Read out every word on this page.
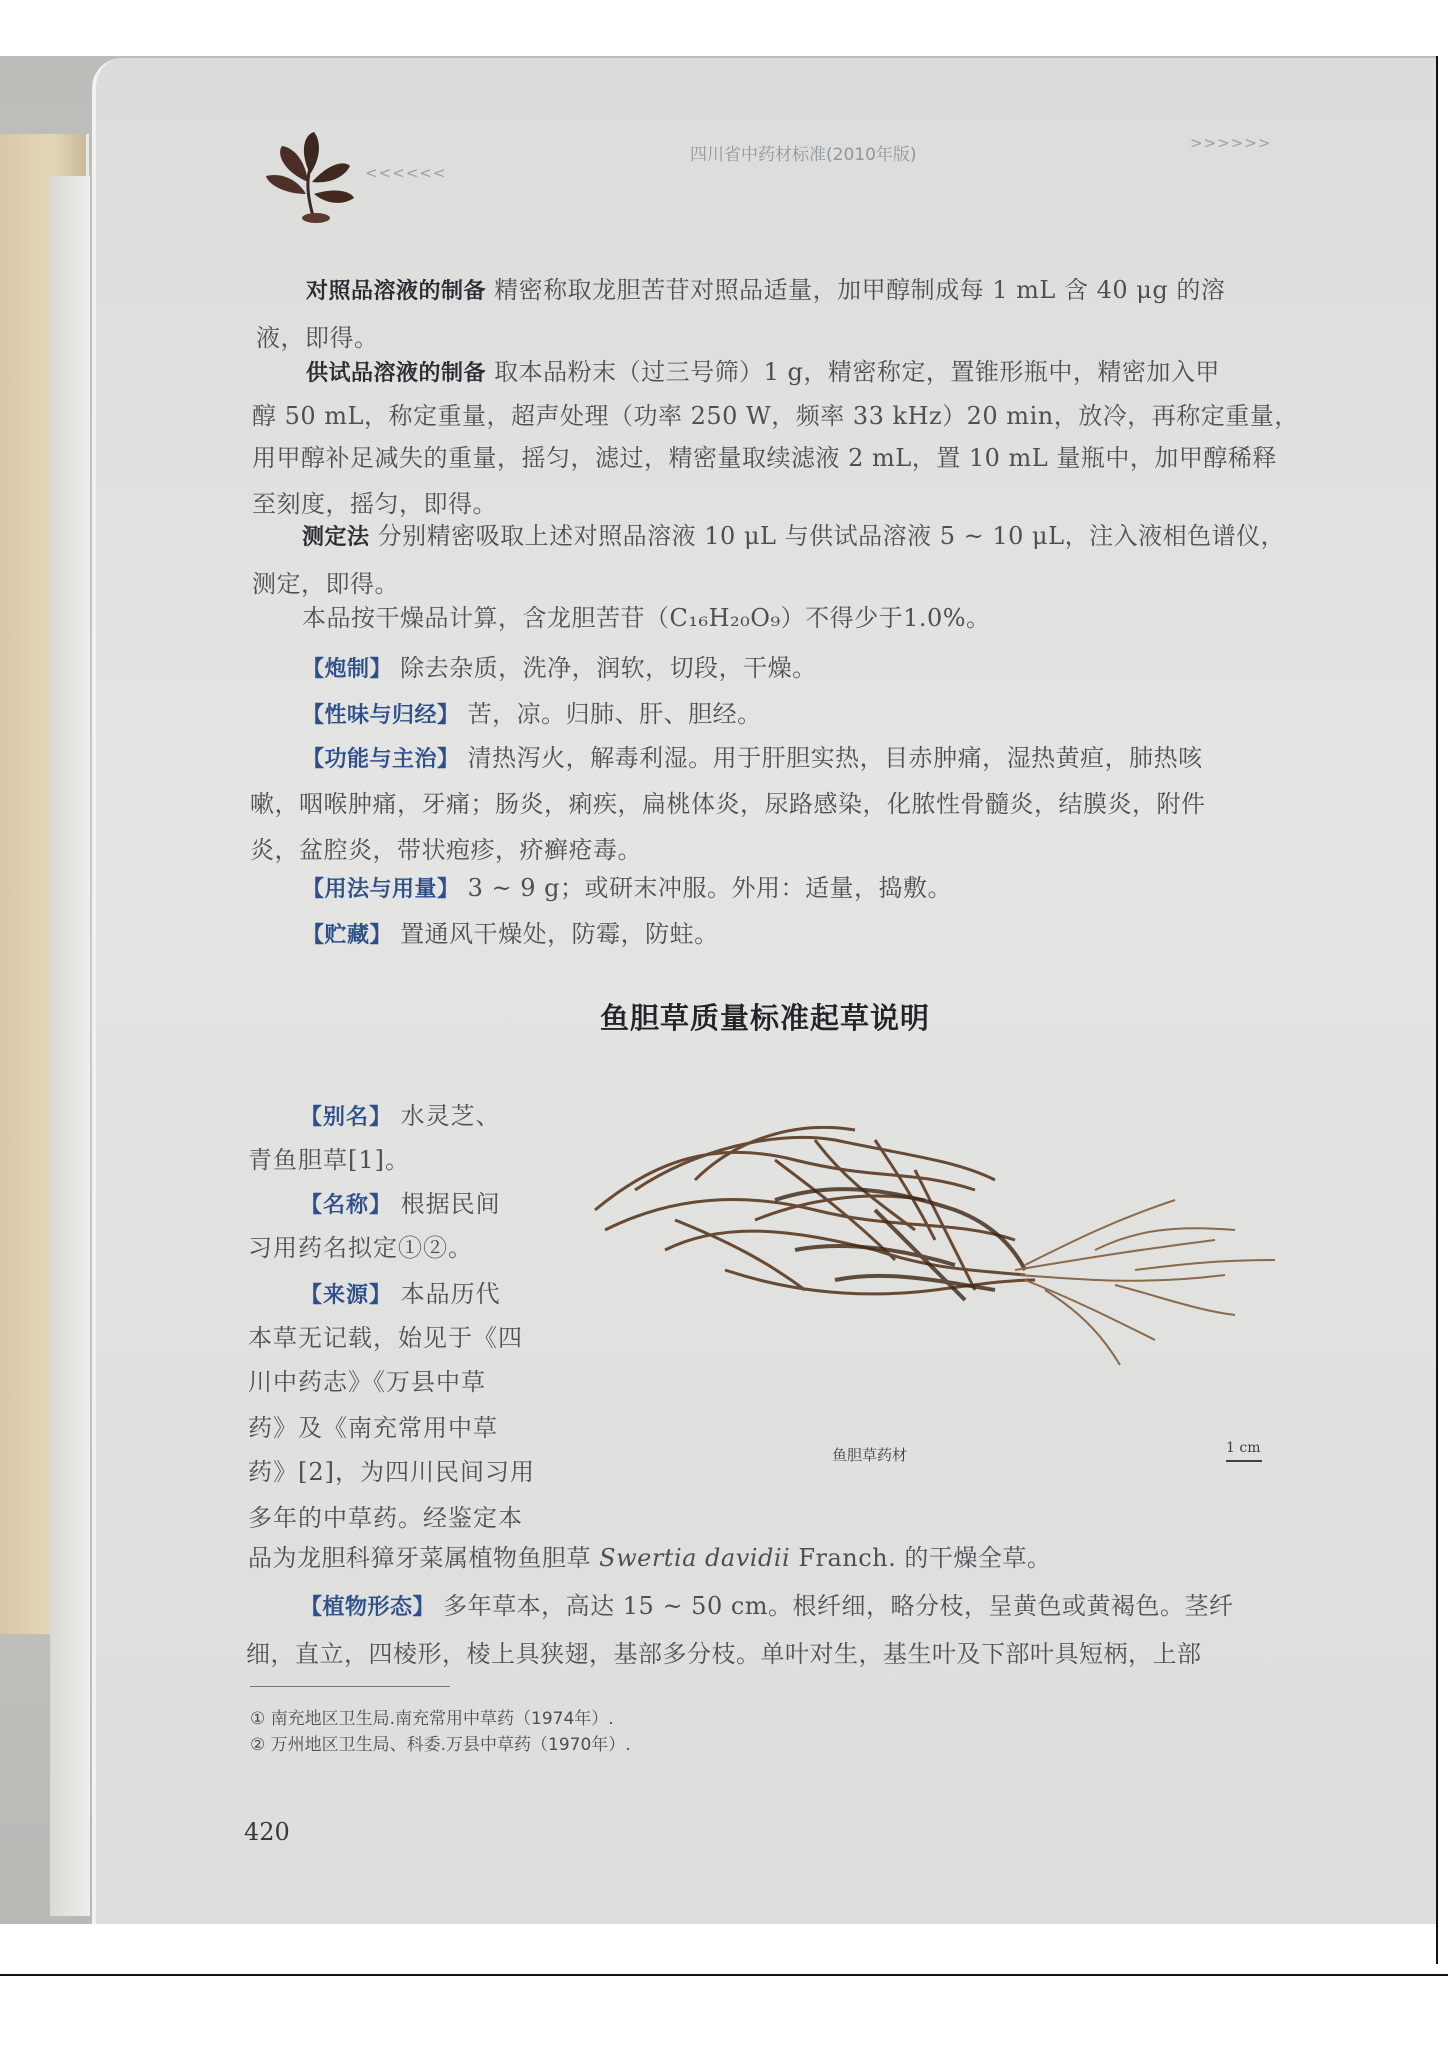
<<<<<<
四川省中药材标准(2010年版)
>>>>>>
对照品溶液的制备 精密称取龙胆苦苷对照品适量，加甲醇制成每 1 mL 含 40 μg 的溶
液，即得。
供试品溶液的制备 取本品粉末（过三号筛）1 g，精密称定，置锥形瓶中，精密加入甲
醇 50 mL，称定重量，超声处理（功率 250 W，频率 33 kHz）20 min，放冷，再称定重量，
用甲醇补足减失的重量，摇匀，滤过，精密量取续滤液 2 mL，置 10 mL 量瓶中，加甲醇稀释
至刻度，摇匀，即得。
测定法 分别精密吸取上述对照品溶液 10 μL 与供试品溶液 5 ~ 10 μL，注入液相色谱仪，
测定，即得。
本品按干燥品计算，含龙胆苦苷（C₁₆H₂₀O₉）不得少于1.0%。
【炮制】 除去杂质，洗净，润软，切段，干燥。
【性味与归经】 苦，凉。归肺、肝、胆经。
【功能与主治】 清热泻火，解毒利湿。用于肝胆实热，目赤肿痛，湿热黄疸，肺热咳
嗽，咽喉肿痛，牙痛；肠炎，痢疾，扁桃体炎，尿路感染，化脓性骨髓炎，结膜炎，附件
炎，盆腔炎，带状疱疹，疥癣疮毒。
【用法与用量】 3 ~ 9 g；或研末冲服。外用：适量，捣敷。
【贮藏】 置通风干燥处，防霉，防蛀。
鱼胆草质量标准起草说明
【别名】 水灵芝、
青鱼胆草[1]。
【名称】 根据民间
习用药名拟定①②。
【来源】 本品历代
本草无记载，始见于《四
川中药志》《万县中草
药》及《南充常用中草
药》[2]，为四川民间习用
多年的中草药。经鉴定本
鱼胆草药材	1 cm
品为龙胆科獐牙菜属植物鱼胆草 Swertia davidii Franch. 的干燥全草。
【植物形态】 多年草本，高达 15 ~ 50 cm。根纤细，略分枝，呈黄色或黄褐色。茎纤
细，直立，四棱形，棱上具狭翅，基部多分枝。单叶对生，基生叶及下部叶具短柄，上部
① 南充地区卫生局.南充常用中草药（1974年）.
② 万州地区卫生局、科委.万县中草药（1970年）.
420
